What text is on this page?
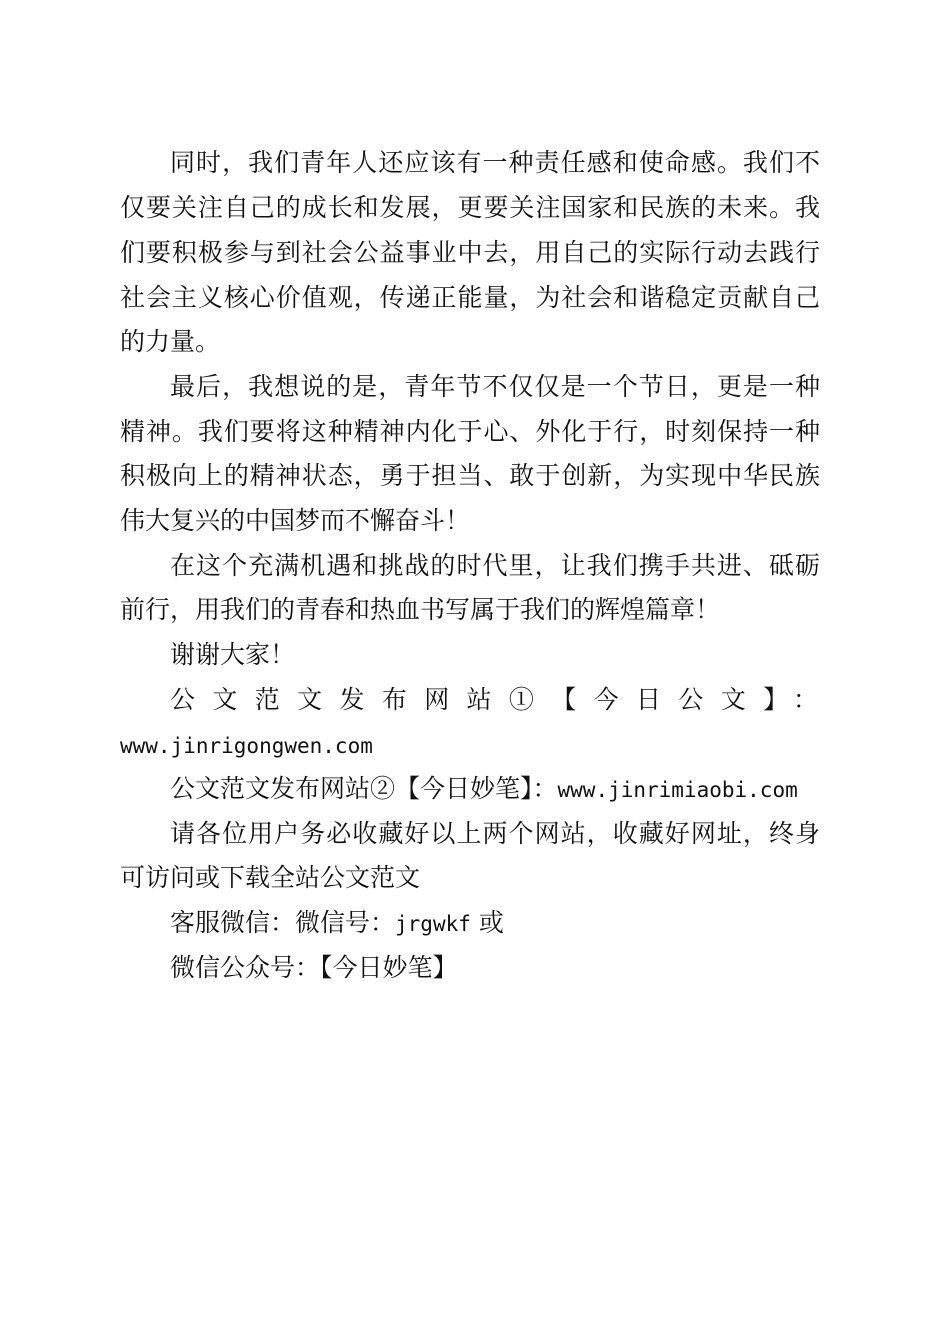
同时，我们青年人还应该有一种责任感和使命感。我们不
仅要关注自己的成长和发展，更要关注国家和民族的未来。我
们要积极参与到社会公益事业中去，用自己的实际行动去践行
社会主义核心价值观，传递正能量，为社会和谐稳定贡献自己
的力量。
最后，我想说的是，青年节不仅仅是一个节日，更是一种
精神。我们要将这种精神内化于心、外化于行，时刻保持一种
积极向上的精神状态，勇于担当、敢于创新，为实现中华民族
伟大复兴的中国梦而不懈奋斗！
在这个充满机遇和挑战的时代里，让我们携手共进、砥砺
前行，用我们的青春和热血书写属于我们的辉煌篇章！
谢谢大家！
公文范文发布网站①【今日公文】：
www.jinrigongwen.com
公文范文发布网站②【今日妙笔】：www.jinrimiaobi.com
请各位用户务必收藏好以上两个网站，收藏好网址，终身
可访问或下载全站公文范文
客服微信：微信号：jrgwkf 或
微信公众号：【今日妙笔】
